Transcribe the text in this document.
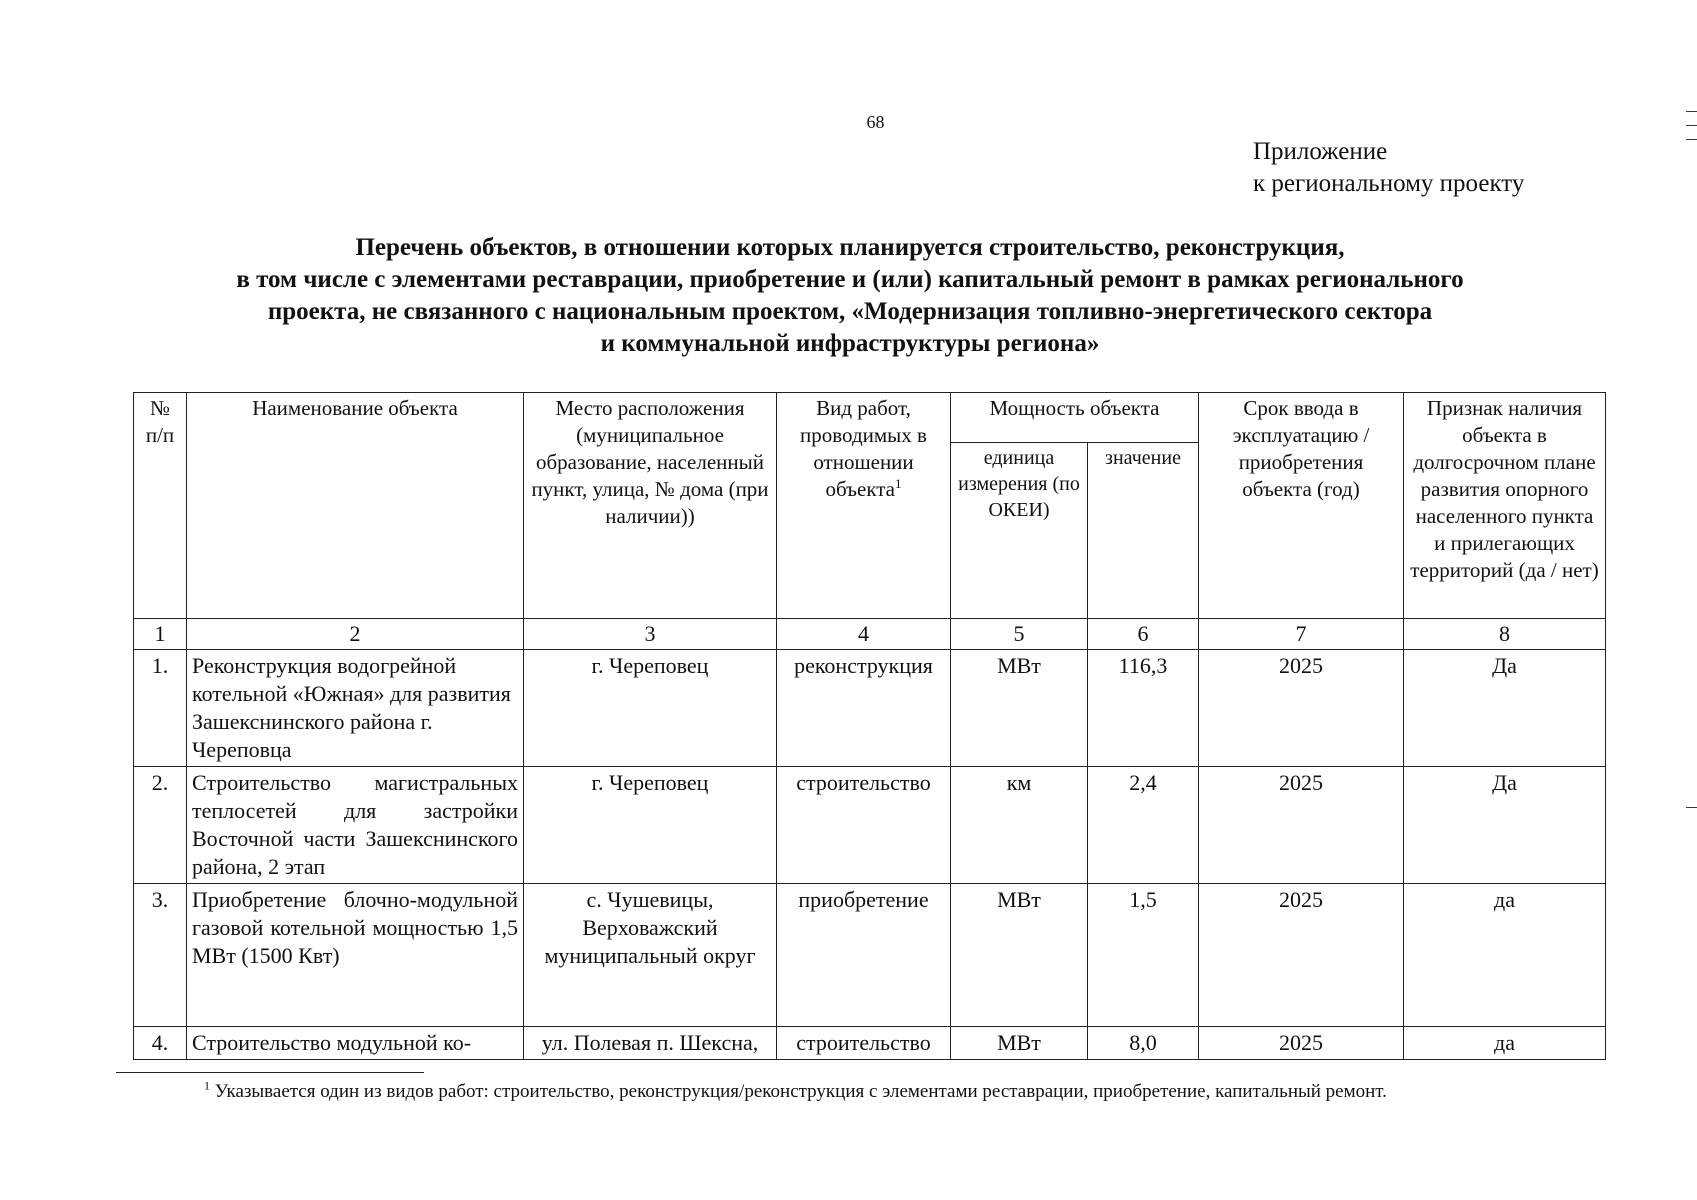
68
Приложение
к региональному проекту
Перечень объектов, в отношении которых планируется строительство, реконструкция,
в том числе с элементами реставрации, приобретение и (или) капитальный ремонт в рамках регионального
проекта, не связанного с национальным проектом, «Модернизация топливно-энергетического сектора
и коммунальной инфраструктуры региона»
№ п/п	Наименование объекта	Место расположения (муниципальное образование, населенный пункт, улица, № дома (при наличии))	Вид работ, проводимых в отношении объекта$^1$	Мощность объекта		Срок ввода в эксплуатацию /приобретения объекта (год)	Признак наличия объекта в долгосрочном плане развития опорного населенного пункта и прилегающих территорий (да / нет)
				единица измерения (по ОКЕИ)	значение		
1	2	3	4	5	6	7	8
1.	Реконструкция водогрейной котельной «Южная» для развития Зашекснинского района г. Череповца	г. Череповец	реконструкция	МВт	116,3	2025	Да
2.	Строительство магистральных теплосетей для застройки Восточной части Зашекснинского района, 2 этап	г. Череповец	строительство	км	2,4	2025	Да
3.	Приобретение блочно-модульной газовой котельной мощностью 1,5 МВт (1500 Квт)	с. Чушевицы, Верховажский муниципальный округ	приобретение	МВт	1,5	2025	да
4.	Строительство модульной ко-	ул. Полевая п. Шексна,	строительство	МВт	8,0	2025	да
$^1$ Указывается один из видов работ: строительство, реконструкция/реконструкция с элементами реставрации, приобретение, капитальный ремонт.
